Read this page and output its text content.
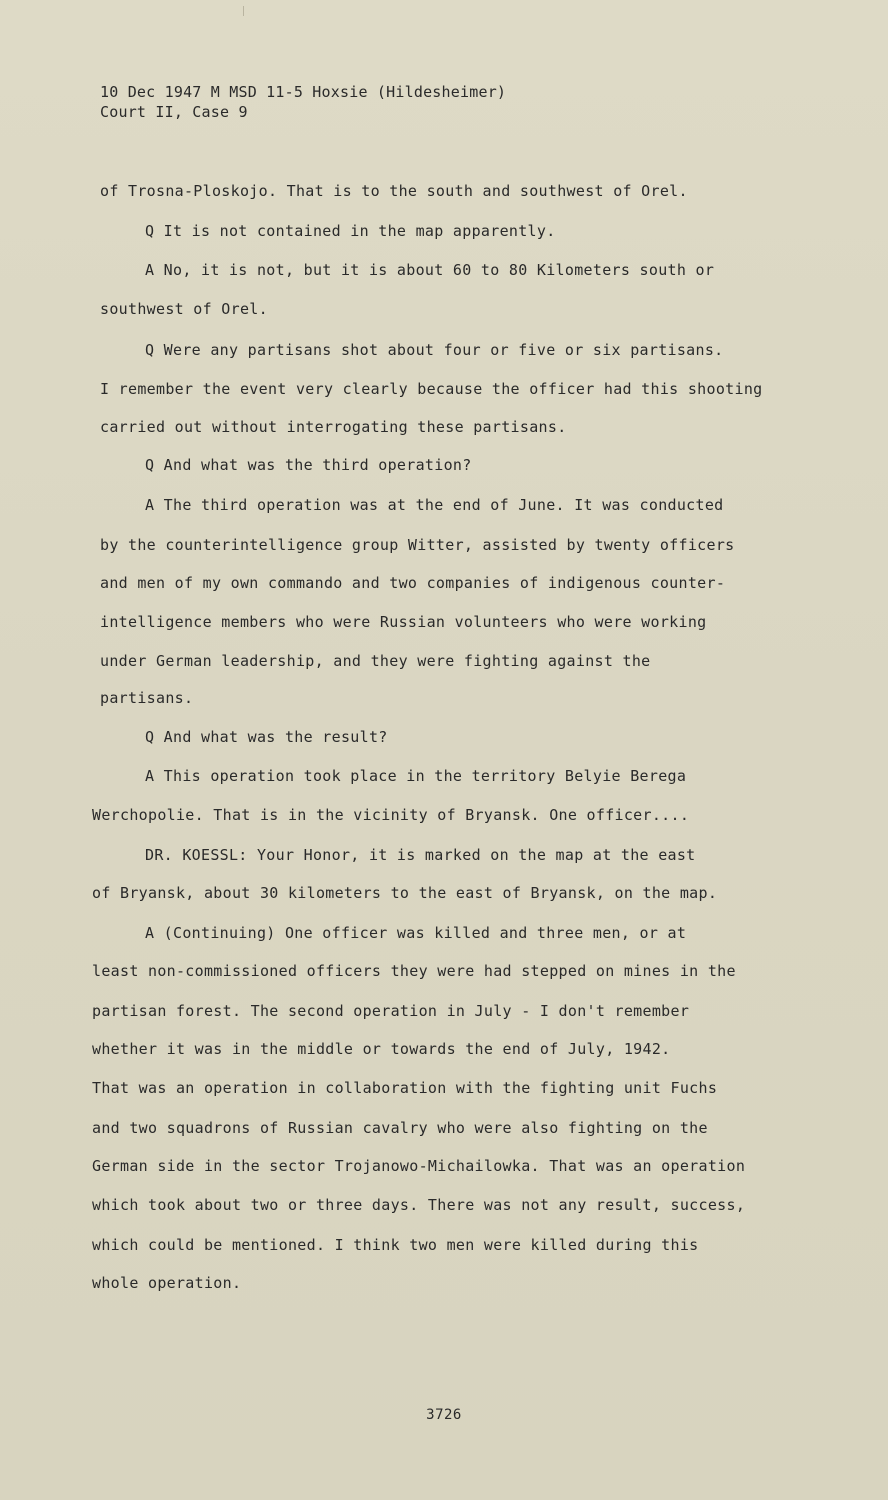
10 Dec 1947 M MSD 11-5 Hoxsie (Hildesheimer)
Court II, Case 9
of Trosna-Ploskojo. That is to the south and southwest of Orel.
Q It is not contained in the map apparently.
A No, it is not, but it is about 60 to 80 Kilometers south or
southwest of Orel.
Q Were any partisans shot about four or five or six partisans.
I remember the event very clearly because the officer had this shooting
carried out without interrogating these partisans.
Q And what was the third operation?
A The third operation was at the end of June. It was conducted
by the counterintelligence group Witter, assisted by twenty officers
and men of my own commando and two companies of indigenous counter-
intelligence members who were Russian volunteers who were working
under German leadership, and they were fighting against the
partisans.
Q And what was the result?
A This operation took place in the territory Belyie Berega
Werchopolie. That is in the vicinity of Bryansk. One officer....
DR. KOESSL: Your Honor, it is marked on the map at the east
of Bryansk, about 30 kilometers to the east of Bryansk, on the map.
A (Continuing) One officer was killed and three men, or at
least non-commissioned officers they were had stepped on mines in the
partisan forest. The second operation in July - I don't remember
whether it was in the middle or towards the end of July, 1942.
That was an operation in collaboration with the fighting unit Fuchs
and two squadrons of Russian cavalry who were also fighting on the
German side in the sector Trojanowo-Michailowka. That was an operation
which took about two or three days. There was not any result, success,
which could be mentioned. I think two men were killed during this
whole operation.
3726
